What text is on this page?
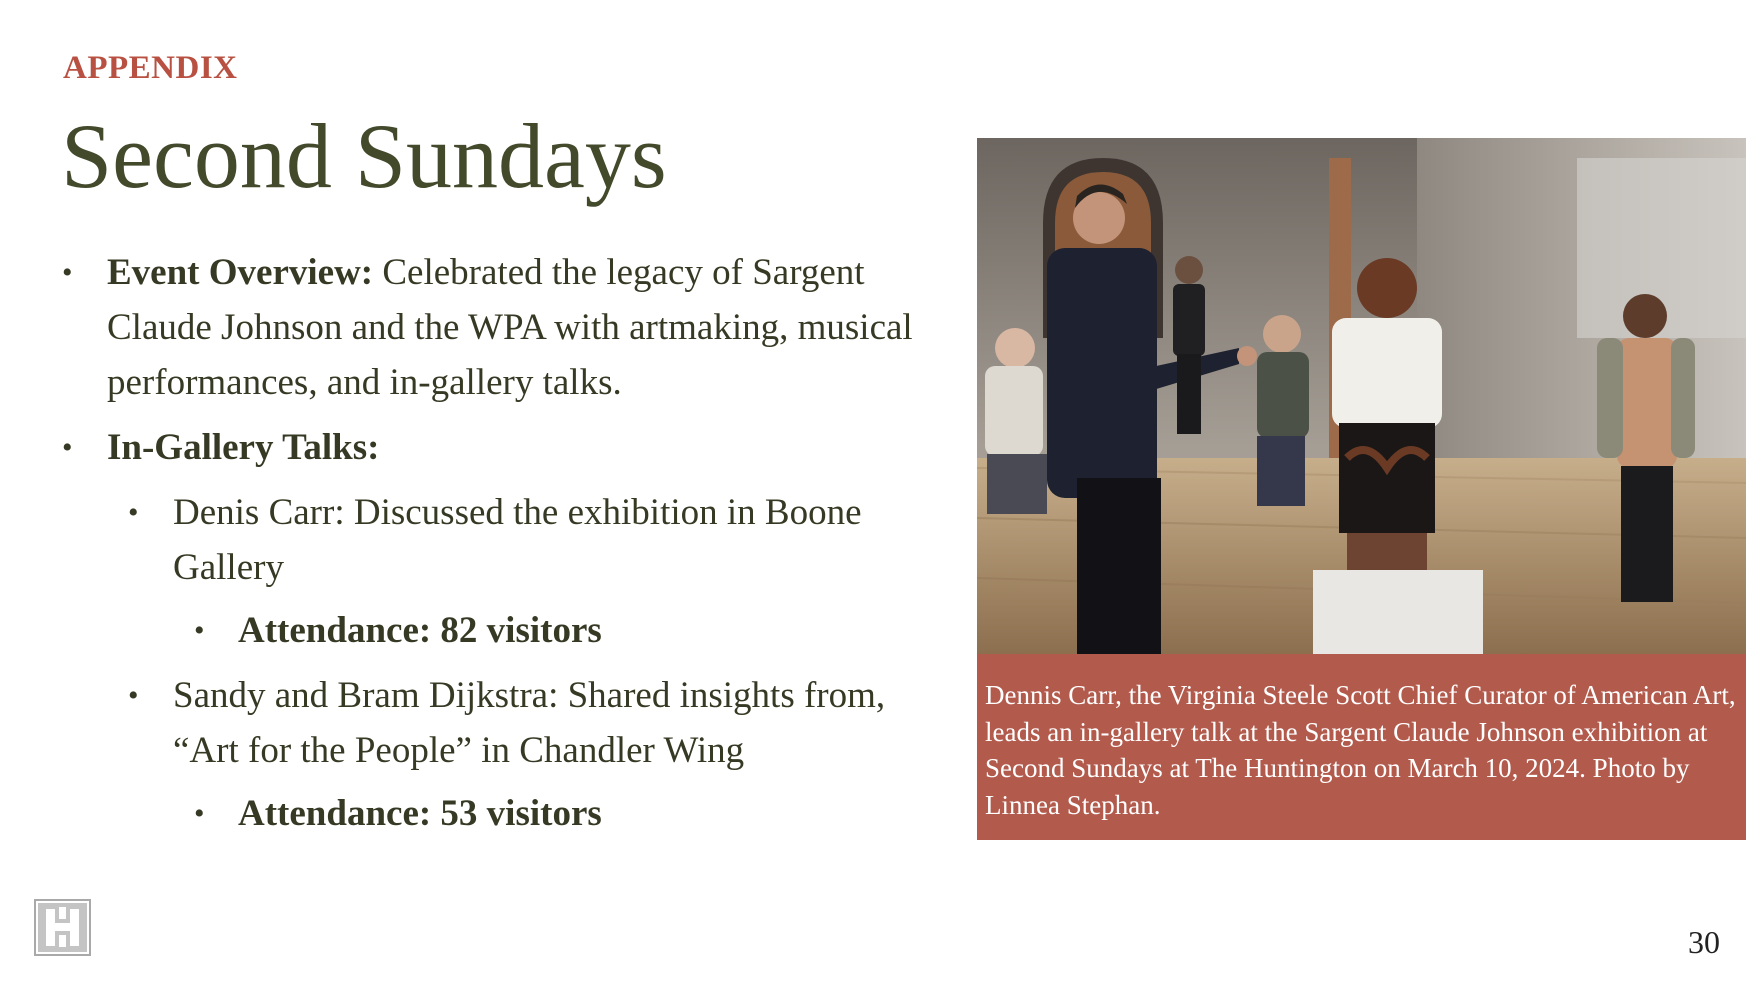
APPENDIX
Second Sundays

• Event Overview: Celebrated the legacy of Sargent Claude Johnson and the WPA with artmaking, musical performances, and in-gallery talks.

• In-Gallery Talks:

• Denis Carr: Discussed the exhibition in Boone Gallery

• Attendance: 82 visitors

• Sandy and Bram Dijkstra: Shared insights from, “Art for the People” in Chandler Wing

• Attendance: 53 visitors

Dennis Carr, the Virginia Steele Scott Chief Curator of American Art, leads an in-gallery talk at the Sargent Claude Johnson exhibition at Second Sundays at The Huntington on March 10, 2024. Photo by Linnea Stephan.
30
